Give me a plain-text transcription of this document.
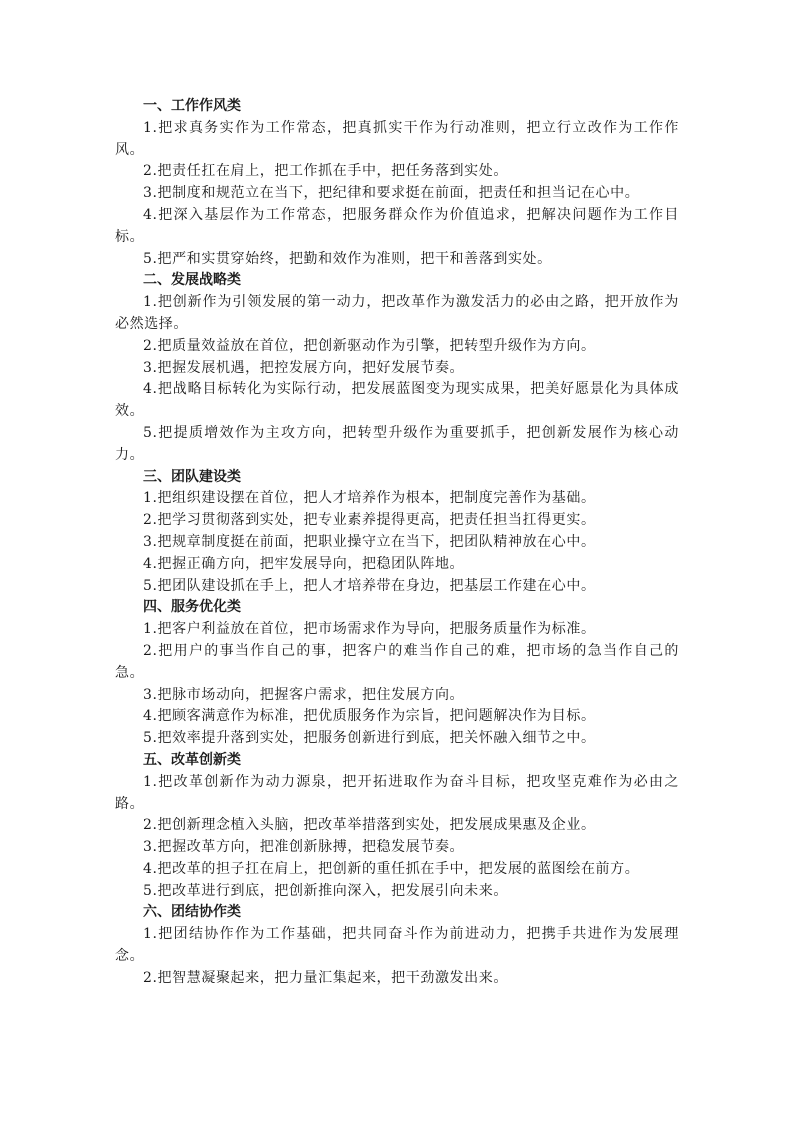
一、工作作风类

1.把求真务实作为工作常态，把真抓实干作为行动准则，把立行立改作为工作作风。

2.把责任扛在肩上，把工作抓在手中，把任务落到实处。

3.把制度和规范立在当下，把纪律和要求挺在前面，把责任和担当记在心中。

4.把深入基层作为工作常态，把服务群众作为价值追求，把解决问题作为工作目标。

5.把严和实贯穿始终，把勤和效作为准则，把干和善落到实处。

二、发展战略类

1.把创新作为引领发展的第一动力，把改革作为激发活力的必由之路，把开放作为必然选择。

2.把质量效益放在首位，把创新驱动作为引擎，把转型升级作为方向。

3.把握发展机遇，把控发展方向，把好发展节奏。

4.把战略目标转化为实际行动，把发展蓝图变为现实成果，把美好愿景化为具体成效。

5.把提质增效作为主攻方向，把转型升级作为重要抓手，把创新发展作为核心动力。

三、团队建设类

1.把组织建设摆在首位，把人才培养作为根本，把制度完善作为基础。

2.把学习贯彻落到实处，把专业素养提得更高，把责任担当扛得更实。

3.把规章制度挺在前面，把职业操守立在当下，把团队精神放在心中。

4.把握正确方向，把牢发展导向，把稳团队阵地。

5.把团队建设抓在手上，把人才培养带在身边，把基层工作建在心中。

四、服务优化类

1.把客户利益放在首位，把市场需求作为导向，把服务质量作为标准。

2.把用户的事当作自己的事，把客户的难当作自己的难，把市场的急当作自己的急。

3.把脉市场动向，把握客户需求，把住发展方向。

4.把顾客满意作为标准，把优质服务作为宗旨，把问题解决作为目标。

5.把效率提升落到实处，把服务创新进行到底，把关怀融入细节之中。

五、改革创新类

1.把改革创新作为动力源泉，把开拓进取作为奋斗目标，把攻坚克难作为必由之路。

2.把创新理念植入头脑，把改革举措落到实处，把发展成果惠及企业。

3.把握改革方向，把准创新脉搏，把稳发展节奏。

4.把改革的担子扛在肩上，把创新的重任抓在手中，把发展的蓝图绘在前方。

5.把改革进行到底，把创新推向深入，把发展引向未来。

六、团结协作类

1.把团结协作作为工作基础，把共同奋斗作为前进动力，把携手共进作为发展理念。

2.把智慧凝聚起来，把力量汇集起来，把干劲激发出来。
